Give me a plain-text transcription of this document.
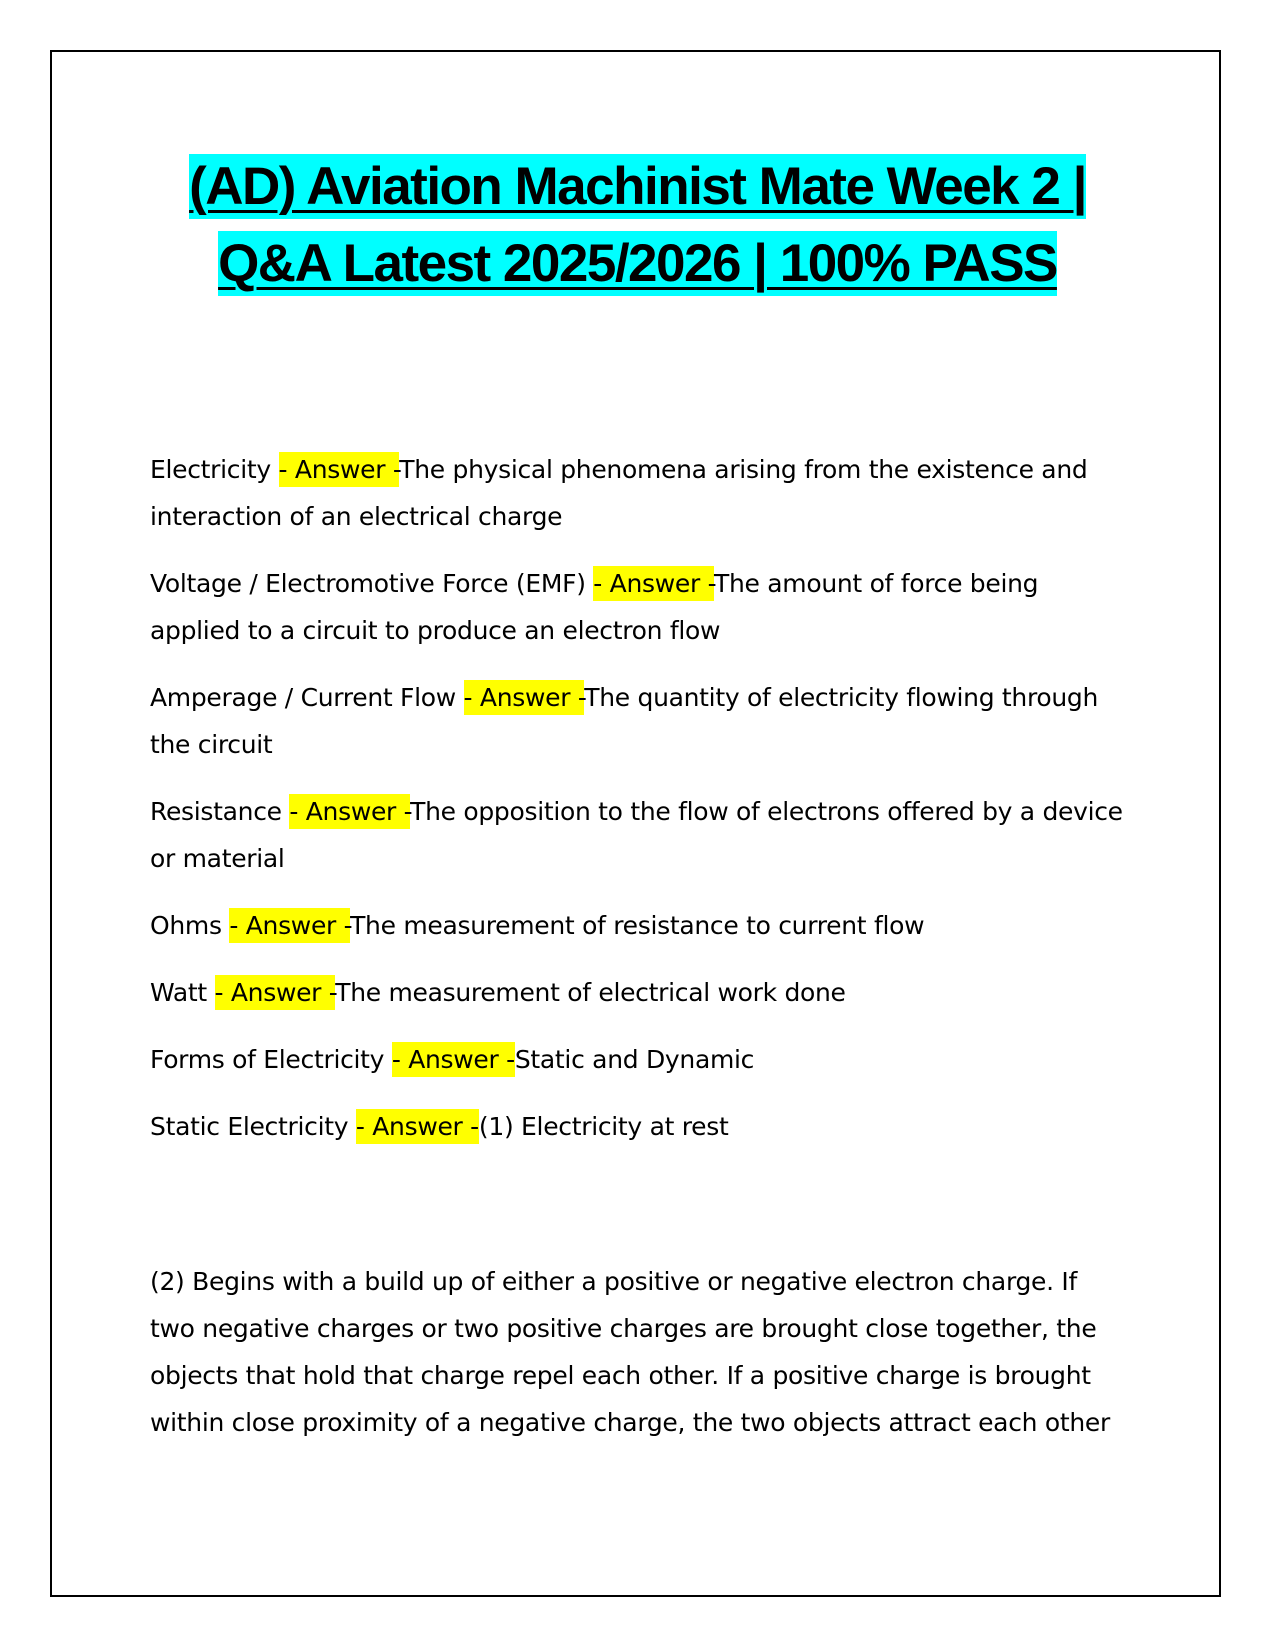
(AD) Aviation Machinist Mate Week 2 | Q&A Latest 2025/2026 | 100% PASS

Electricity - Answer -The physical phenomena arising from the existence and interaction of an electrical charge

Voltage / Electromotive Force (EMF) - Answer -The amount of force being applied to a circuit to produce an electron flow

Amperage / Current Flow - Answer -The quantity of electricity flowing through the circuit

Resistance - Answer -The opposition to the flow of electrons offered by a device or material

Ohms - Answer -The measurement of resistance to current flow

Watt - Answer -The measurement of electrical work done

Forms of Electricity - Answer -Static and Dynamic

Static Electricity - Answer -(1) Electricity at rest

(2) Begins with a build up of either a positive or negative electron charge. If two negative charges or two positive charges are brought close together, the objects that hold that charge repel each other. If a positive charge is brought within close proximity of a negative charge, the two objects attract each other
